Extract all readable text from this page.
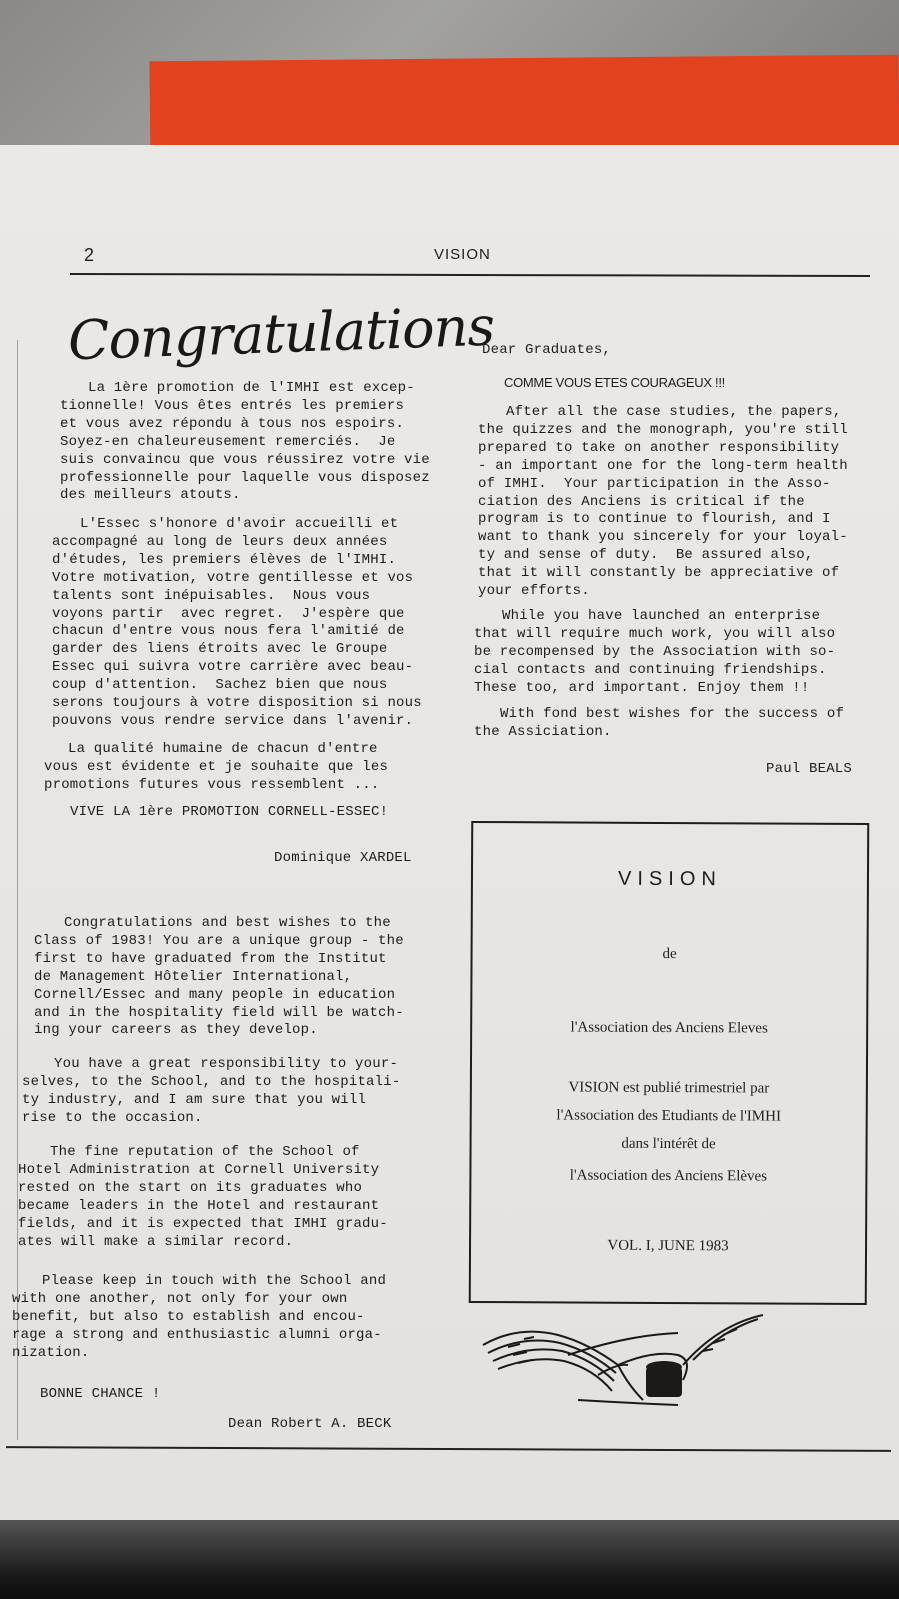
2	VISION
Congratulations
La 1ère promotion de l'IMHI est excep-
tionnelle! Vous êtes entrés les premiers
et vous avez répondu à tous nos espoirs.
Soyez-en chaleureusement remerciés.  Je
suis convaincu que vous réussirez votre vie
professionnelle pour laquelle vous disposez
des meilleurs atouts.
L'Essec s'honore d'avoir accueilli et
accompagné au long de leurs deux années
d'études, les premiers élèves de l'IMHI.
Votre motivation, votre gentillesse et vos
talents sont inépuisables.  Nous vous
voyons partir  avec regret.  J'espère que
chacun d'entre vous nous fera l'amitié de
garder des liens étroits avec le Groupe
Essec qui suivra votre carrière avec beau-
coup d'attention.  Sachez bien que nous
serons toujours à votre disposition si nous
pouvons vous rendre service dans l'avenir.
La qualité humaine de chacun d'entre
vous est évidente et je souhaite que les
promotions futures vous ressemblent ...
VIVE LA 1ère PROMOTION CORNELL-ESSEC!
Dominique XARDEL
Congratulations and best wishes to the
Class of 1983! You are a unique group - the
first to have graduated from the Institut
de Management Hôtelier International,
Cornell/Essec and many people in education
and in the hospitality field will be watch-
ing your careers as they develop.
You have a great responsibility to your-
selves, to the School, and to the hospitali-
ty industry, and I am sure that you will
rise to the occasion.
The fine reputation of the School of
Hotel Administration at Cornell University
rested on the start on its graduates who
became leaders in the Hotel and restaurant
fields, and it is expected that IMHI gradu-
ates will make a similar record.
Please keep in touch with the School and
with one another, not only for your own
benefit, but also to establish and encou-
rage a strong and enthusiastic alumni orga-
nization.
BONNE CHANCE !
Dean Robert A. BECK
Dear Graduates,
COMME VOUS ETES COURAGEUX !!!
After all the case studies, the papers,
the quizzes and the monograph, you're still
prepared to take on another responsibility
- an important one for the long-term health
of IMHI.  Your participation in the Asso-
ciation des Anciens is critical if the
program is to continue to flourish, and I
want to thank you sincerely for your loyal-
ty and sense of duty.  Be assured also,
that it will constantly be appreciative of
your efforts.
While you have launched an enterprise
that will require much work, you will also
be recompensed by the Association with so-
cial contacts and continuing friendships.
These too, ard important. Enjoy them !!
With fond best wishes for the success of
the Assiciation.
Paul BEALS
VISION
de
l'Association des Anciens Eleves
VISION est publié trimestriel par
l'Association des Etudiants de l'IMHI
dans l'intérêt de
l'Association des Anciens Elèves
VOL. I, JUNE 1983
